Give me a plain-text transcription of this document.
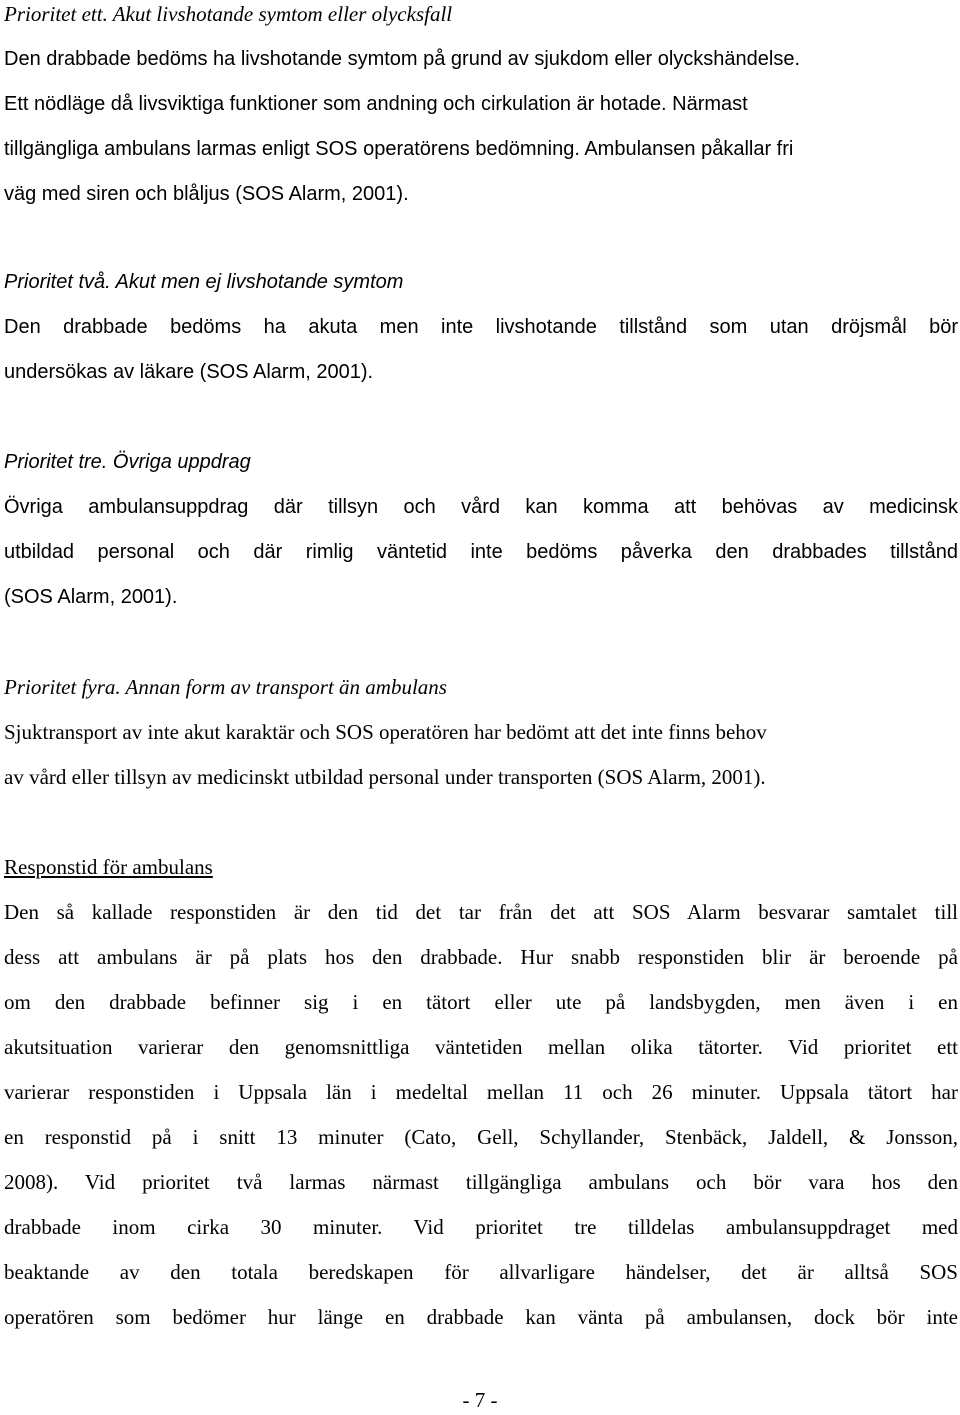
Prioritet ett. Akut livshotande symtom eller olycksfall
Den drabbade bedöms ha livshotande symtom på grund av sjukdom eller olyckshändelse.
Ett nödläge då livsviktiga funktioner som andning och cirkulation är hotade. Närmast
tillgängliga ambulans larmas enligt SOS operatörens bedömning. Ambulansen påkallar fri
väg med siren och blåljus (SOS Alarm, 2001).
Prioritet två. Akut men ej livshotande symtom
Den drabbade bedöms ha akuta men inte livshotande tillstånd som utan dröjsmål bör
undersökas av läkare (SOS Alarm, 2001).
Prioritet tre. Övriga uppdrag
Övriga ambulansuppdrag där tillsyn och vård kan komma att behövas av medicinsk
utbildad personal och där rimlig väntetid inte bedöms påverka den drabbades tillstånd
(SOS Alarm, 2001).
Prioritet fyra. Annan form av transport än ambulans
Sjuktransport av inte akut karaktär och SOS operatören har bedömt att det inte finns behov
av vård eller tillsyn av medicinskt utbildad personal under transporten (SOS Alarm, 2001).
Responstid för ambulans
Den så kallade responstiden är den tid det tar från det att SOS Alarm besvarar samtalet till
dess att ambulans är på plats hos den drabbade. Hur snabb responstiden blir är beroende på
om den drabbade befinner sig i en tätort eller ute på landsbygden, men även i en
akutsituation varierar den genomsnittliga väntetiden mellan olika tätorter. Vid prioritet ett
varierar responstiden i Uppsala län i medeltal mellan 11 och 26 minuter. Uppsala tätort har
en responstid på i snitt 13 minuter (Cato, Gell, Schyllander, Stenbäck, Jaldell, & Jonsson,
2008). Vid prioritet två larmas närmast tillgängliga ambulans och bör vara hos den
drabbade inom cirka 30 minuter. Vid prioritet tre tilldelas ambulansuppdraget med
beaktande av den totala beredskapen för allvarligare händelser, det är alltså SOS
operatören som bedömer hur länge en drabbade kan vänta på ambulansen, dock bör inte
- 7 -
